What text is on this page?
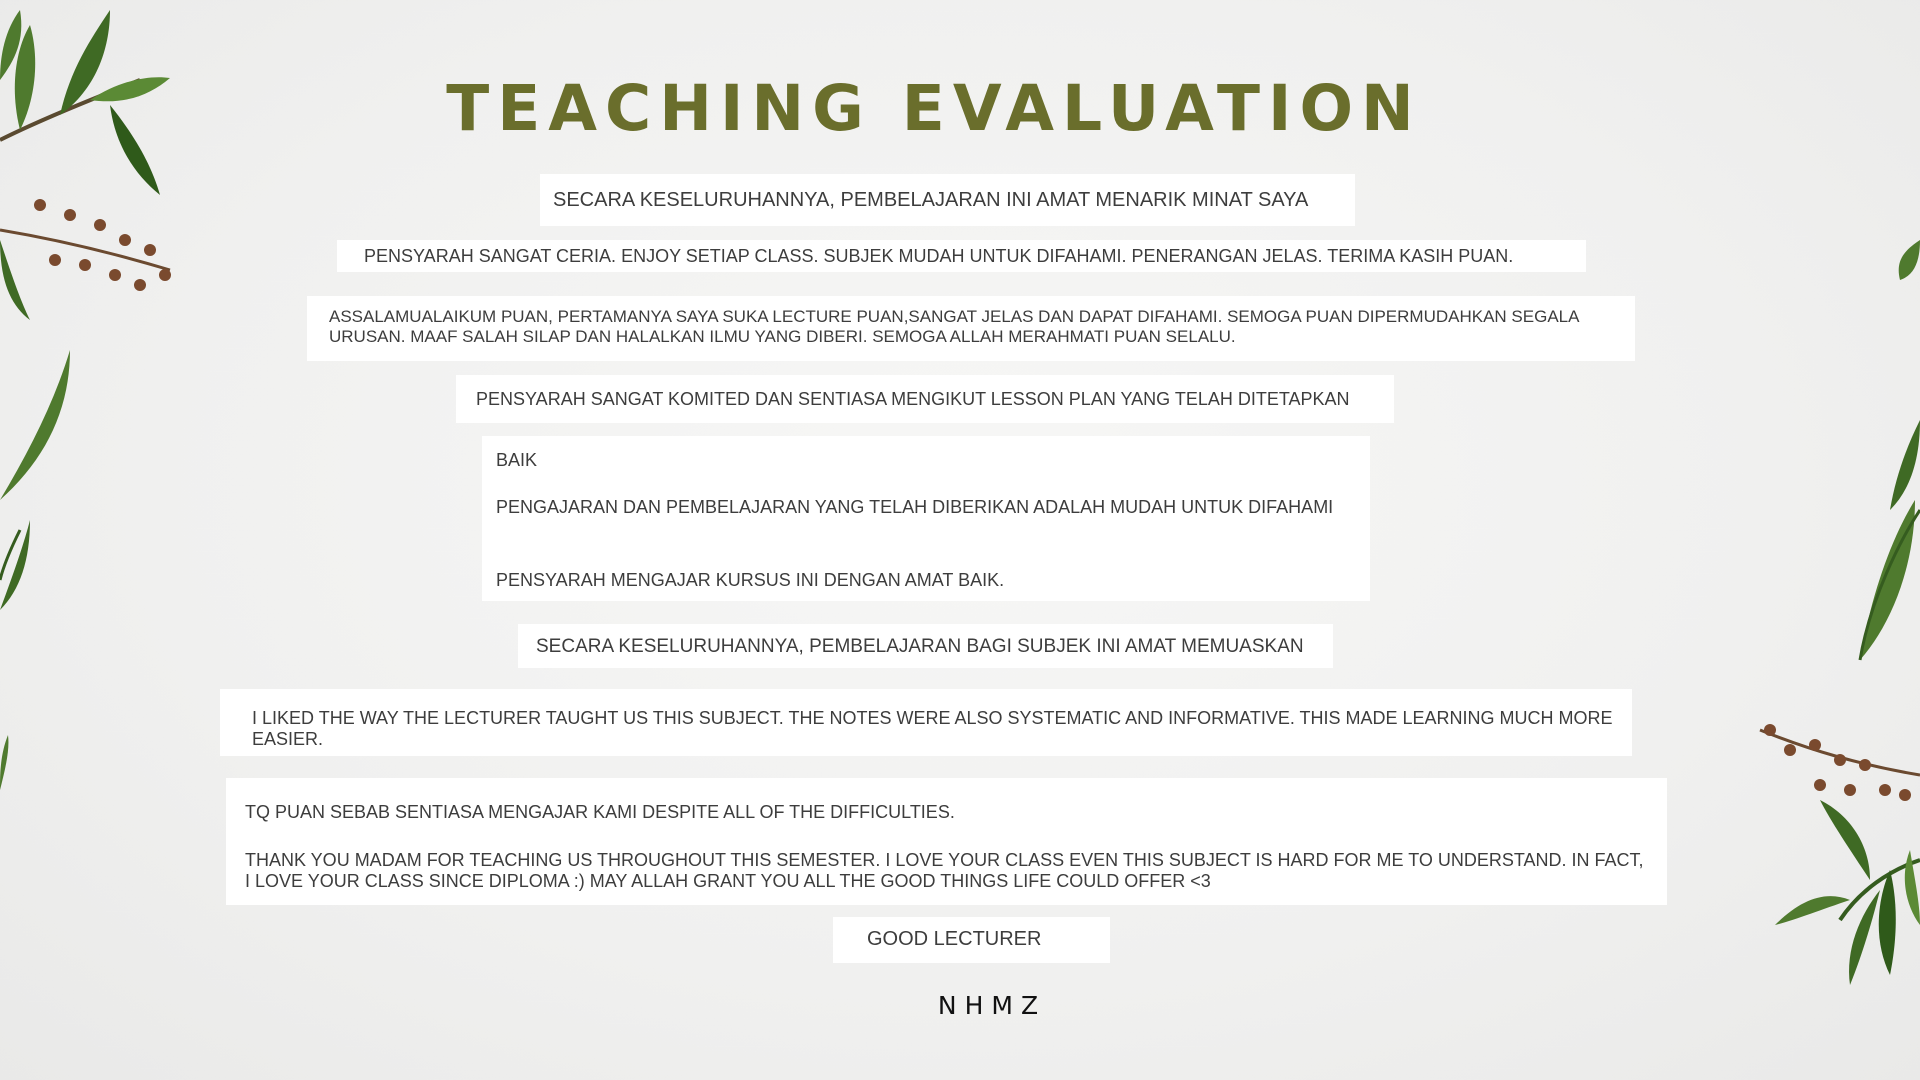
TEACHING EVALUATION

SECARA KESELURUHANNYA, PEMBELAJARAN INI AMAT MENARIK MINAT SAYA

PENSYARAH SANGAT CERIA. ENJOY SETIAP CLASS. SUBJEK MUDAH UNTUK DIFAHAMI. PENERANGAN JELAS. TERIMA KASIH PUAN.

ASSALAMUALAIKUM PUAN, PERTAMANYA SAYA SUKA LECTURE PUAN,SANGAT JELAS DAN DAPAT DIFAHAMI. SEMOGA PUAN DIPERMUDAHKAN SEGALA URUSAN. MAAF SALAH SILAP DAN HALALKAN ILMU YANG DIBERI. SEMOGA ALLAH MERAHMATI PUAN SELALU.

PENSYARAH SANGAT KOMITED DAN SENTIASA MENGIKUT LESSON PLAN YANG TELAH DITETAPKAN

BAIK

PENGAJARAN DAN PEMBELAJARAN YANG TELAH DIBERIKAN ADALAH MUDAH UNTUK DIFAHAMI

PENSYARAH MENGAJAR KURSUS INI DENGAN AMAT BAIK.

SECARA KESELURUHANNYA, PEMBELAJARAN BAGI SUBJEK INI AMAT MEMUASKAN

I LIKED THE WAY THE LECTURER TAUGHT US THIS SUBJECT. THE NOTES WERE ALSO SYSTEMATIC AND INFORMATIVE. THIS MADE LEARNING MUCH MORE EASIER.

TQ PUAN SEBAB SENTIASA MENGAJAR KAMI DESPITE ALL OF THE DIFFICULTIES.

THANK YOU MADAM FOR TEACHING US THROUGHOUT THIS SEMESTER. I LOVE YOUR CLASS EVEN THIS SUBJECT IS HARD FOR ME TO UNDERSTAND. IN FACT, I LOVE YOUR CLASS SINCE DIPLOMA :) MAY ALLAH GRANT YOU ALL THE GOOD THINGS LIFE COULD OFFER <3

GOOD LECTURER

NHMZ
